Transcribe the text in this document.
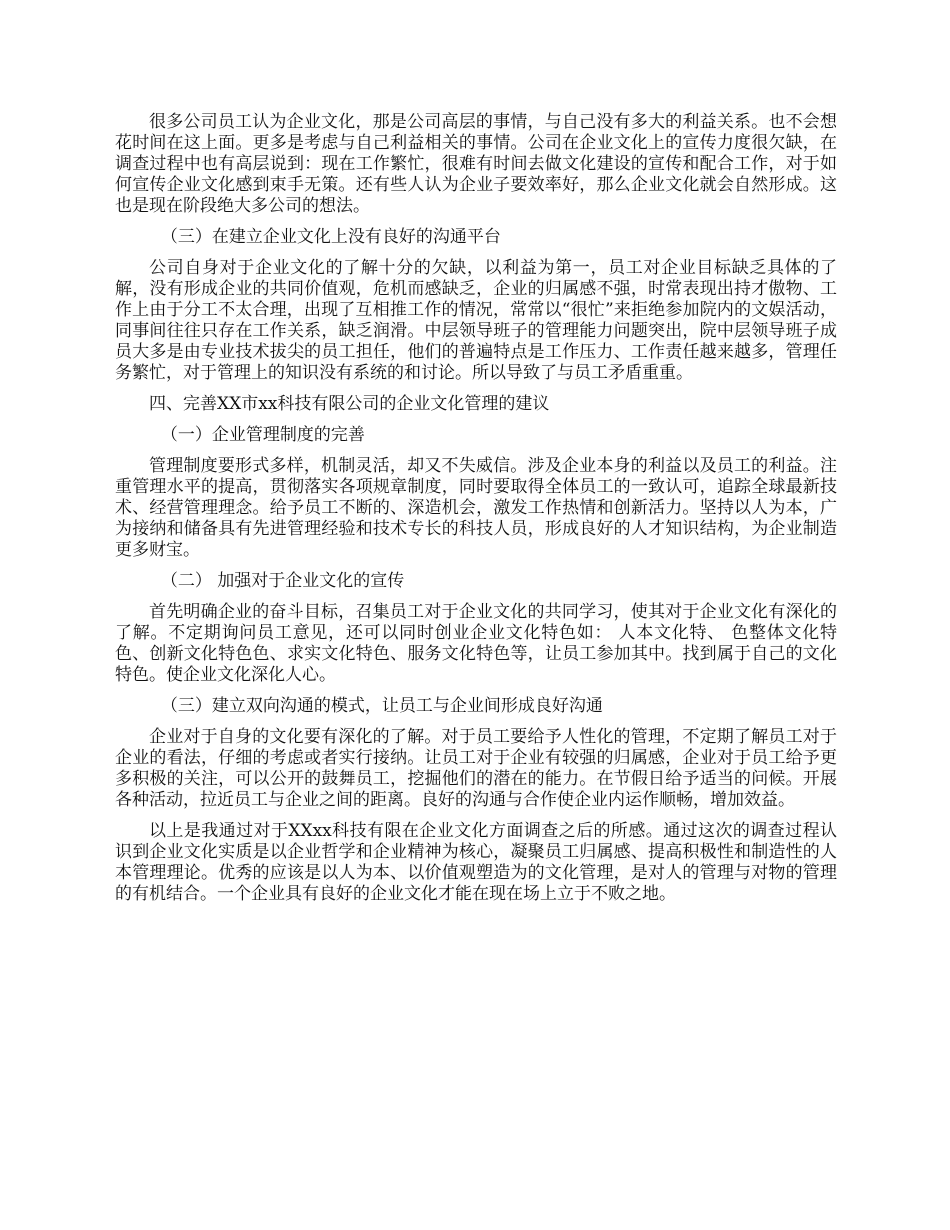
很多公司员工认为企业文化，那是公司高层的事情，与自己没有多大的利益关系。也不会想花时间在这上面。更多是考虑与自己利益相关的事情。公司在企业文化上的宣传力度很欠缺，在调查过程中也有高层说到：现在工作繁忙，很难有时间去做文化建设的宣传和配合工作，对于如何宣传企业文化感到束手无策。还有些人认为企业子要效率好，那么企业文化就会自然形成。这也是现在阶段绝大多公司的想法。

（三）在建立企业文化上没有良好的沟通平台

公司自身对于企业文化的了解十分的欠缺，以利益为第一，员工对企业目标缺乏具体的了解，没有形成企业的共同价值观，危机而感缺乏，企业的归属感不强，时常表现出持才傲物、工作上由于分工不太合理，出现了互相推工作的情况，常常以“很忙”来拒绝参加院内的文娱活动，同事间往往只存在工作关系，缺乏润滑。中层领导班子的管理能力问题突出，院中层领导班子成员大多是由专业技术拔尖的员工担任，他们的普遍特点是工作压力、工作责任越来越多，管理任务繁忙，对于管理上的知识没有系统的和讨论。所以导致了与员工矛盾重重。

四、完善XX市xx科技有限公司的企业文化管理的建议

（一）企业管理制度的完善

管理制度要形式多样，机制灵活，却又不失威信。涉及企业本身的利益以及员工的利益。注重管理水平的提高，贯彻落实各项规章制度，同时要取得全体员工的一致认可，追踪全球最新技术、经营管理理念。给予员工不断的、深造机会，激发工作热情和创新活力。坚持以人为本，广为接纳和储备具有先进管理经验和技术专长的科技人员，形成良好的人才知识结构，为企业制造更多财宝。

（二） 加强对于企业文化的宣传

首先明确企业的奋斗目标，召集员工对于企业文化的共同学习，使其对于企业文化有深化的了解。不定期询问员工意见，还可以同时创业企业文化特色如： 人本文化特、 色整体文化特色、创新文化特色色、求实文化特色、服务文化特色等，让员工参加其中。找到属于自己的文化特色。使企业文化深化人心。

（三）建立双向沟通的模式，让员工与企业间形成良好沟通

企业对于自身的文化要有深化的了解。对于员工要给予人性化的管理，不定期了解员工对于企业的看法，仔细的考虑或者实行接纳。让员工对于企业有较强的归属感，企业对于员工给予更多积极的关注，可以公开的鼓舞员工，挖掘他们的潜在的能力。在节假日给予适当的问候。开展各种活动，拉近员工与企业之间的距离。良好的沟通与合作使企业内运作顺畅，增加效益。

以上是我通过对于XXxx科技有限在企业文化方面调查之后的所感。通过这次的调查过程认识到企业文化实质是以企业哲学和企业精神为核心，凝聚员工归属感、提高积极性和制造性的人本管理理论。优秀的应该是以人为本、以价值观塑造为的文化管理，是对人的管理与对物的管理的有机结合。一个企业具有良好的企业文化才能在现在场上立于不败之地。
